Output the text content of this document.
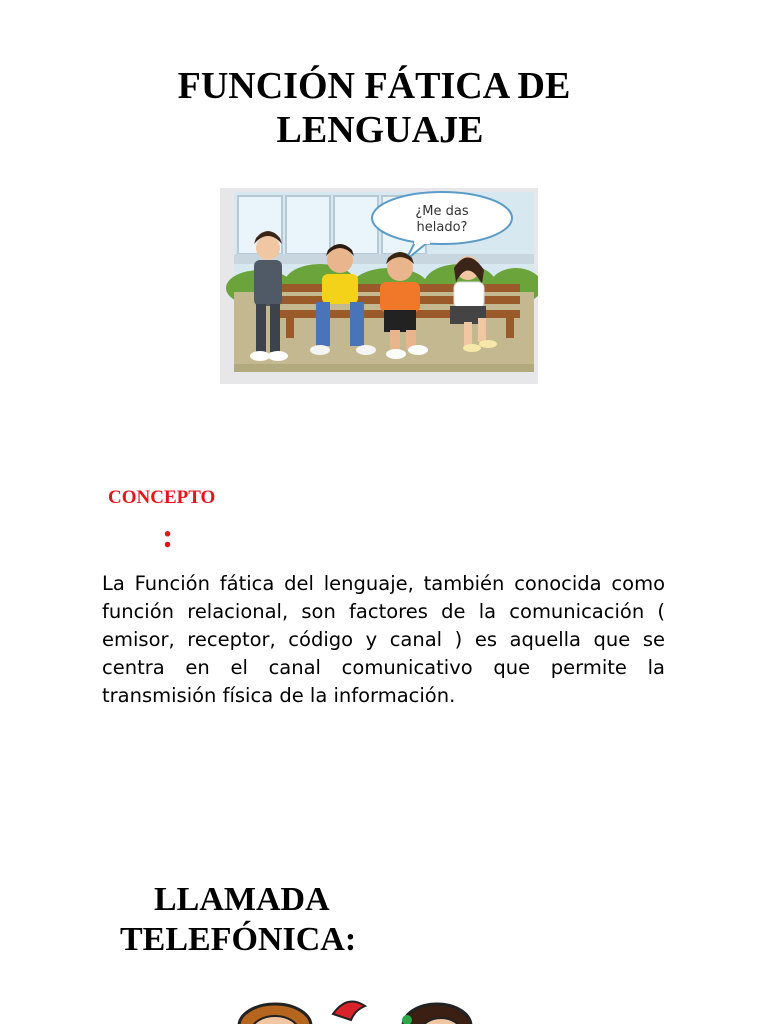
FUNCIÓN FÁTICA DE
LENGUAJE
¿Me das
helado?
CONCEPTO
:
La Función fática del lenguaje, también conocida como función relacional, son factores de la comunicación ( emisor, receptor, código y canal ) es aquella que se centra en el canal comunicativo que permite la transmisión física de la información.
LLAMADA
TELEFÓNICA:
